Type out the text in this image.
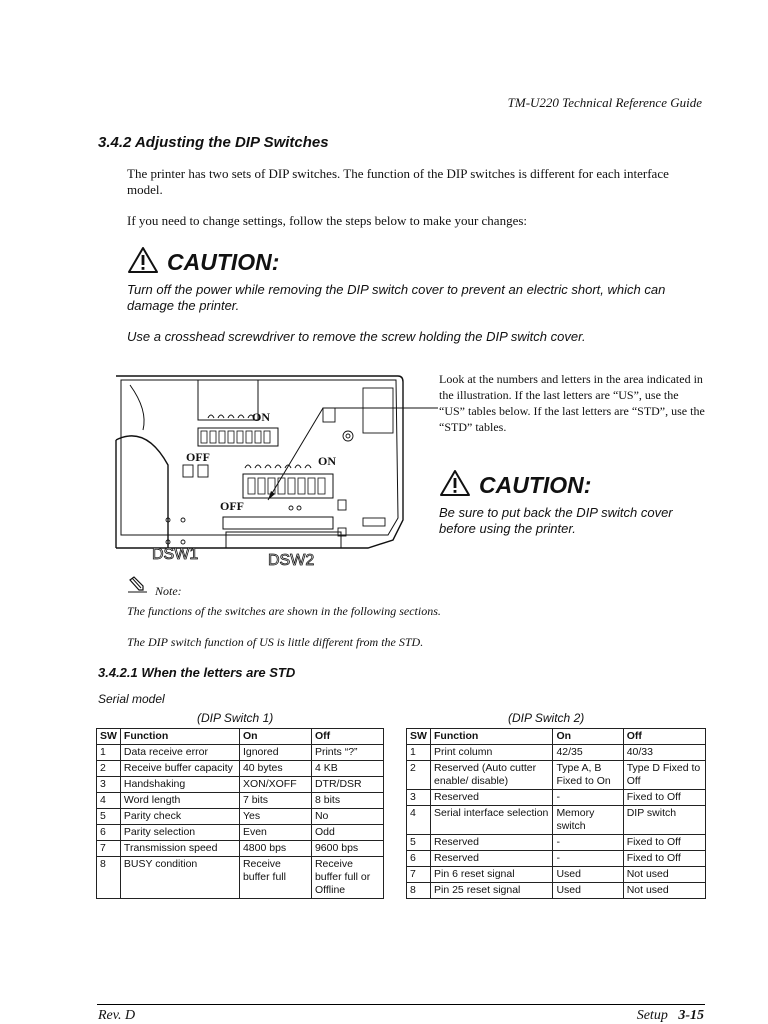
TM-U220 Technical Reference Guide
3.4.2 Adjusting the DIP Switches
The printer has two sets of DIP switches. The function of the DIP switches is different for each interface model.
If you need to change settings, follow the steps below to make your changes:
CAUTION:
Turn off the power while removing the DIP switch cover to prevent an electric short, which can damage the printer.
Use a crosshead screwdriver to remove the screw holding the DIP switch cover.
ON
OFF	ON
OFF
DSW1	DSW2
Look at the numbers and letters in the area indicated in the illustration. If the last letters are “US”, use the “US” tables below. If the last letters are “STD”, use the “STD” tables.
CAUTION:
Be sure to put back the DIP switch cover before using the printer.
Note:
The functions of the switches are shown in the following sections.
The DIP switch function of US is little different from the STD.
3.4.2.1 When the letters are STD
Serial model
(DIP Switch 1)	(DIP Switch 2)
SW	Function	On	Off
1	Data receive error	Ignored	Prints “?”
2	Receive buffer capacity	40 bytes	4 KB
3	Handshaking	XON/XOFF	DTR/DSR
4	Word length	7 bits	8 bits
5	Parity check	Yes	No
6	Parity selection	Even	Odd
7	Transmission speed	4800 bps	9600 bps
8	BUSY condition	Receive buffer full	Receive buffer full or Offline
SW	Function	On	Off
1	Print column	42/35	40/33
2	Reserved (Auto cutter enable/ disable)	Type A, B Fixed to On	Type D Fixed to Off
3	Reserved	-	Fixed to Off
4	Serial interface selection	Memory switch	DIP switch
5	Reserved	-	Fixed to Off
6	Reserved	-	Fixed to Off
7	Pin 6 reset signal	Used	Not used
8	Pin 25 reset signal	Used	Not used
Rev. D	Setup 3-15
